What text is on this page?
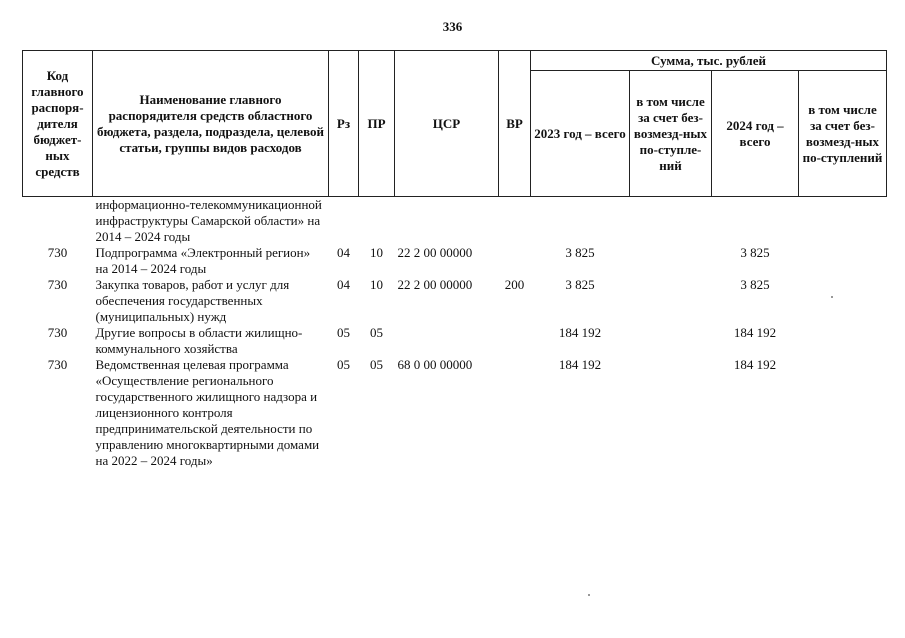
336
Код главного распоря-дителя бюджет-ных средств	Наименование главного распорядителя средств областного бюджета, раздела, подраздела, целевой статьи, группы видов расходов	Рз	ПР	ЦСР	ВР	Сумма, тыс. рублей			
						2023 год – всего	в том числе за счет без-возмезд-ных по-ступле-ний	2024 год – всего	в том числе за счет без-возмезд-ных по-ступлений
	информационно-телекоммуникационной инфраструктуры Самарской области» на 2014 – 2024 годы								
730	Подпрограмма «Электронный регион» на 2014 – 2024 годы	04	10	22 2 00 00000		3 825		3 825	
730	Закупка товаров, работ и услуг для обеспечения государственных (муниципальных) нужд	04	10	22 2 00 00000	200	3 825		3 825	
730	Другие вопросы в области жилищно-коммунального хозяйства	05	05			184 192		184 192	
730	Ведомственная целевая программа «Осуществление регионального государственного жилищного надзора и лицензионного контроля предпринимательской деятельности по управлению многоквартирными домами на 2022 – 2024 годы»	05	05	68 0 00 00000		184 192		184 192	
